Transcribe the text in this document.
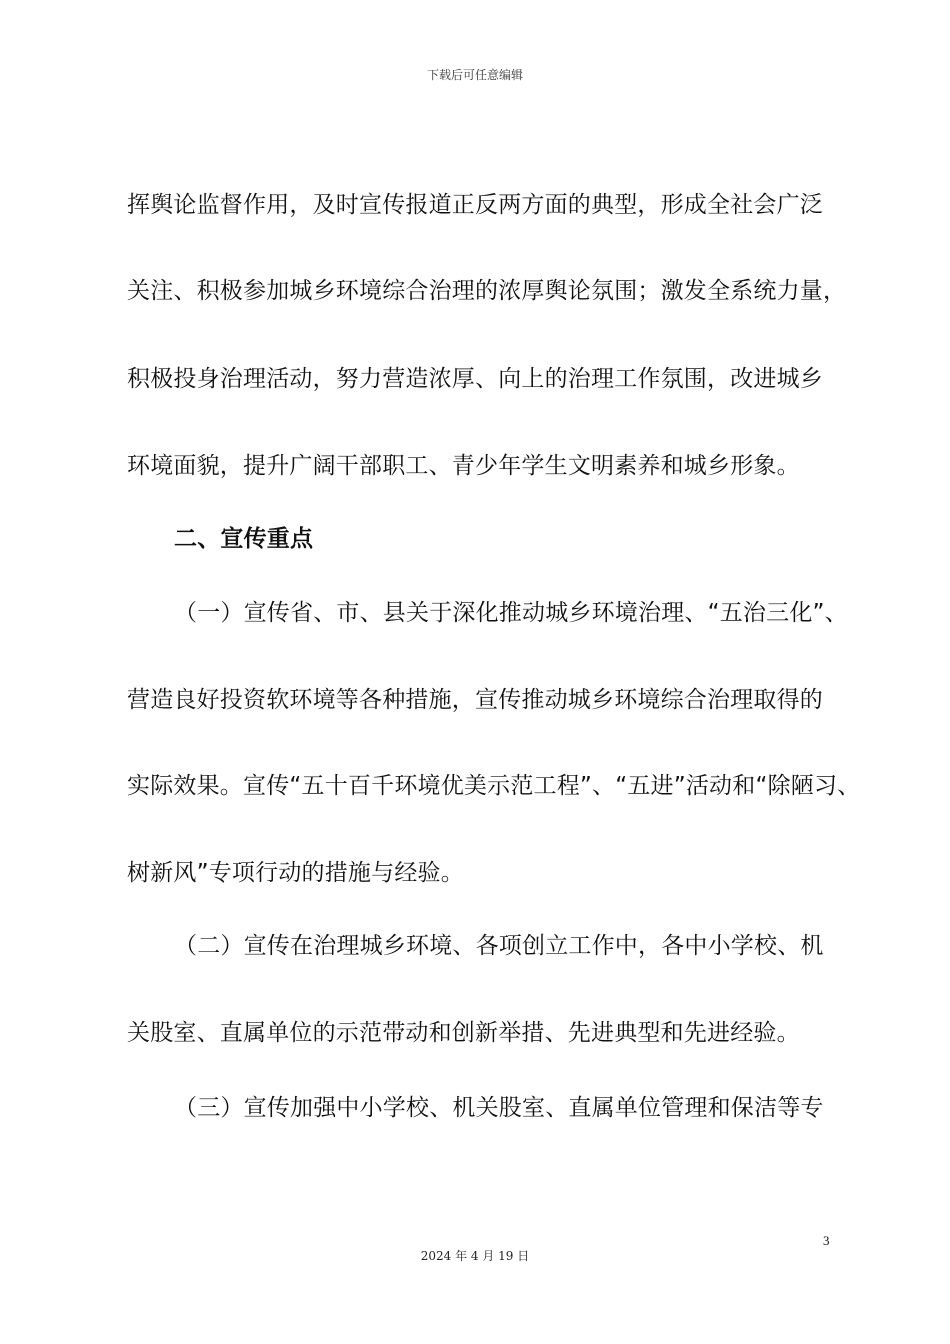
下载后可任意编辑
挥舆论监督作用，及时宣传报道正反两方面的典型，形成全社会广泛
关注、积极参加城乡环境综合治理的浓厚舆论氛围；激发全系统力量，
积极投身治理活动，努力营造浓厚、向上的治理工作氛围，改进城乡
环境面貌，提升广阔干部职工、青少年学生文明素养和城乡形象。
二、宣传重点
（一）宣传省、市、县关于深化推动城乡环境治理、“五治三化”、
营造良好投资软环境等各种措施，宣传推动城乡环境综合治理取得的
实际效果。宣传“五十百千环境优美示范工程”、“五进”活动和“除陋习、
树新风”专项行动的措施与经验。
（二）宣传在治理城乡环境、各项创立工作中，各中小学校、机
关股室、直属单位的示范带动和创新举措、先进典型和先进经验。
（三）宣传加强中小学校、机关股室、直属单位管理和保洁等专
3
2024 年 4 月 19 日
